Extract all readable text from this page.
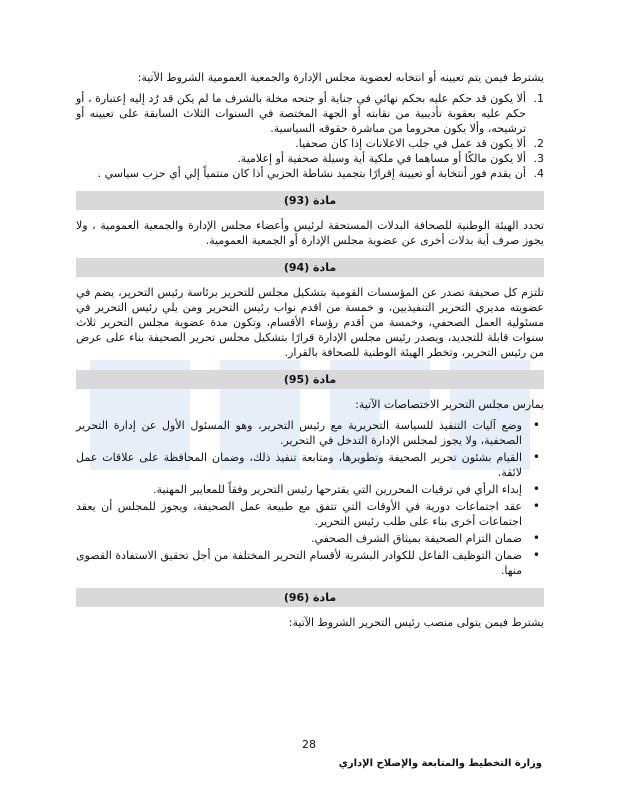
يشترط فيمن يتم تعيينه أو انتخابه لعضوية مجلس الإدارة والجمعية العمومية الشروط الآتية:

ألا يكون قد حكم عليه بحكم نهائي في جناية أو جنحه مخلة بالشرف ما لم يكن قد رُد إليه إعتبارة ، أو حكم عليه بعقوبة تأديبية من نقابته أو الجهة المختصة في السنوات الثلاث السابقة على تعيينه أو ترشيحه، وألا يكون محروما من مباشرة حقوقه السياسية.
ألا يكون قد عمل في جلب الاعلانات إذا كان صحفيا.
ألا يكون مالكًا أو مساهما في ملكية أية وسيلة صحفية أو إعلامية.
أن يقدم فور أنتخابة أو تعيينة إقرارًا بتجميد نشاطة الحزبي أذا كان منتمياً إلي أي حزب سياسي .
مادة (93)

تحدد الهيئة الوطنية للصحافة البدلات المستحقة لرئيس وأعضاء مجلس الإدارة والجمعية العمومية ، ولا يجوز صرف أية بدلات أخرى عن عضوية مجلس الإدارة أو الجمعية العمومية.

مادة (94)

تلتزم كل صحيفة تصدر عن المؤسسات القومية بتشكيل مجلس للتحرير برئاسة رئيس التحرير، يضم في عضويته مديري التحرير التنفيذيين، و خمسة من اقدم نواب رئيس التحرير ومن يلي رئيس التحرير في مسئولية العمل الصحفي، وخمسة من أقدم رؤساء الأقسام، وتكون مدة عضوية مجلس التحرير ثلاث سنوات قابلة للتجديد، ويصدر رئيس مجلس الإدارة قرارًا بتشكيل مجلس تحرير الصحيفة بناء على عرض من رئيس التحرير، وتخطر الهيئة الوطنية للصحافة بالقرار.

مادة (95)

يمارس مجلس التحرير الاختصاصات الآتية:

• وضع آليات التنفيذ للسياسة التحريرية مع رئيس التحرير، وهو المسئول الأول عن إدارة التحرير الصحفية، ولا يجوز لمجلس الإدارة التدخل في التحرير.
• القيام بشئون تحرير الصحيفة وتطويرها، ومتابعة تنفيذ ذلك، وضمان المحافظة على علاقات عمل لائقة.
• إبداء الرأي في ترقيات المحررين التي يقترحها رئيس التحرير وفقاً للمعايير المهنية.
• عقد اجتماعات دورية في الأوقات التي تتفق مع طبيعة عمل الصحيفة، ويجوز للمجلس أن يعقد اجتماعات أخرى بناء على طلب رئيس التحرير.
• ضمان التزام الصحيفة بميثاق الشرف الصحفي.
• ضمان التوظيف الفاعل للكوادر البشرية لأقسام التحرير المختلفة من أجل تحقيق الاستفادة القصوى منها.
مادة (96)

يشترط فيمن يتولى منصب رئيس التحرير الشروط الآتية:

28
وزارة التخطيط والمتابعة والإصلاح الإداري
